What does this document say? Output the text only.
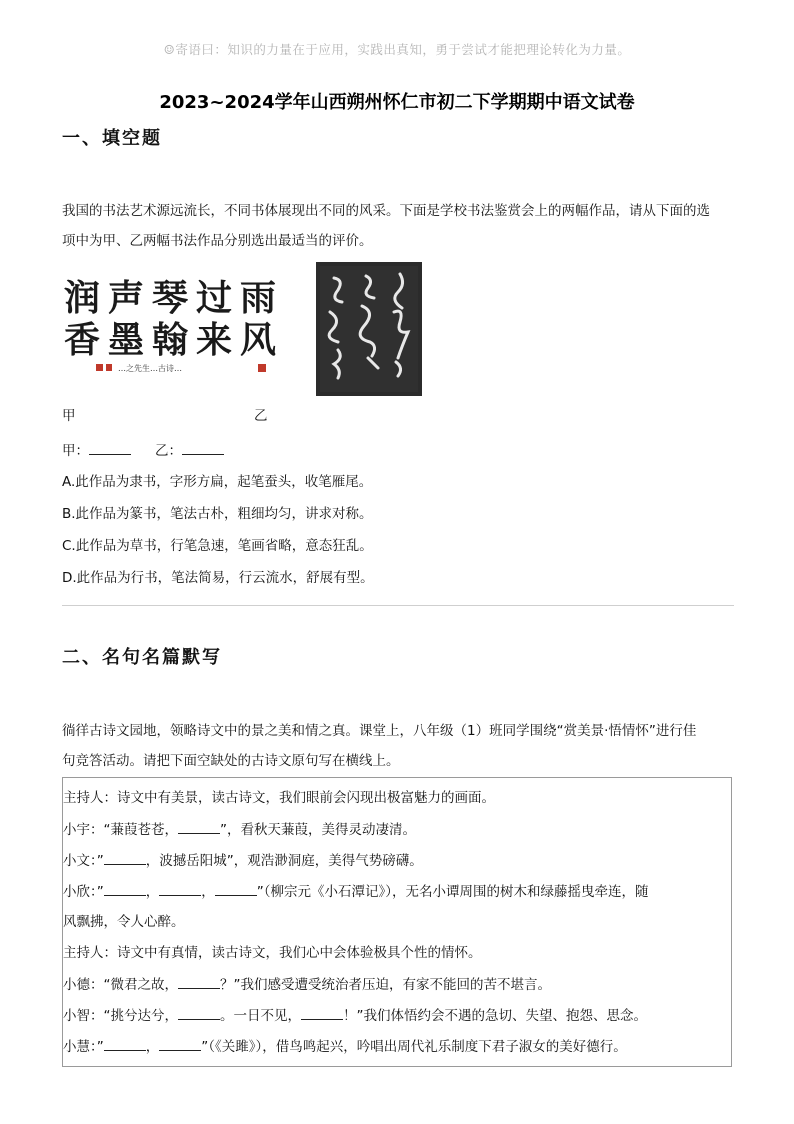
☺寄语曰：知识的力量在于应用，实践出真知，勇于尝试才能把理论转化为力量。
2023~2024学年山西朔州怀仁市初二下学期期中语文试卷
一、填空题
我国的书法艺术源远流长，不同书体展现出不同的风采。下面是学校书法鉴赏会上的两幅作品，请从下面的选
项中为甲、乙两幅书法作品分别选出最适当的评价。
润声琴过雨
香墨翰来风
…之先生…古诗…
甲	乙
甲：	乙：
A.此作品为隶书，字形方扁，起笔蚕头，收笔雁尾。
B.此作品为篆书，笔法古朴，粗细均匀，讲求对称。
C.此作品为草书，行笔急速，笔画省略，意态狂乱。
D.此作品为行书，笔法简易，行云流水，舒展有型。
二、名句名篇默写
徜徉古诗文园地，领略诗文中的景之美和情之真。课堂上，八年级（1）班同学围绕“赏美景·悟情怀”进行佳
句竞答活动。请把下面空缺处的古诗文原句写在横线上。
主持人：诗文中有美景，读古诗文，我们眼前会闪现出极富魅力的画面。
小宇：“蒹葭苍苍，	”，看秋天蒹葭，美得灵动凄清。
小文：”	，波撼岳阳城”，观浩渺洞庭，美得气势磅礴。
小欣：”	，	，	”（柳宗元《小石潭记》），无名小谭周围的树木和绿藤摇曳牵连，随
风飘拂，令人心醉。
主持人：诗文中有真情，读古诗文，我们心中会体验极具个性的情怀。
小德：“微君之故，	？”我们感受遭受统治者压迫，有家不能回的苦不堪言。
小智：“挑兮达兮，	。一日不见，	！”我们体悟约会不遇的急切、失望、抱怨、思念。
小慧：”	，	”（《关雎》），借鸟鸣起兴，吟唱出周代礼乐制度下君子淑女的美好德行。
